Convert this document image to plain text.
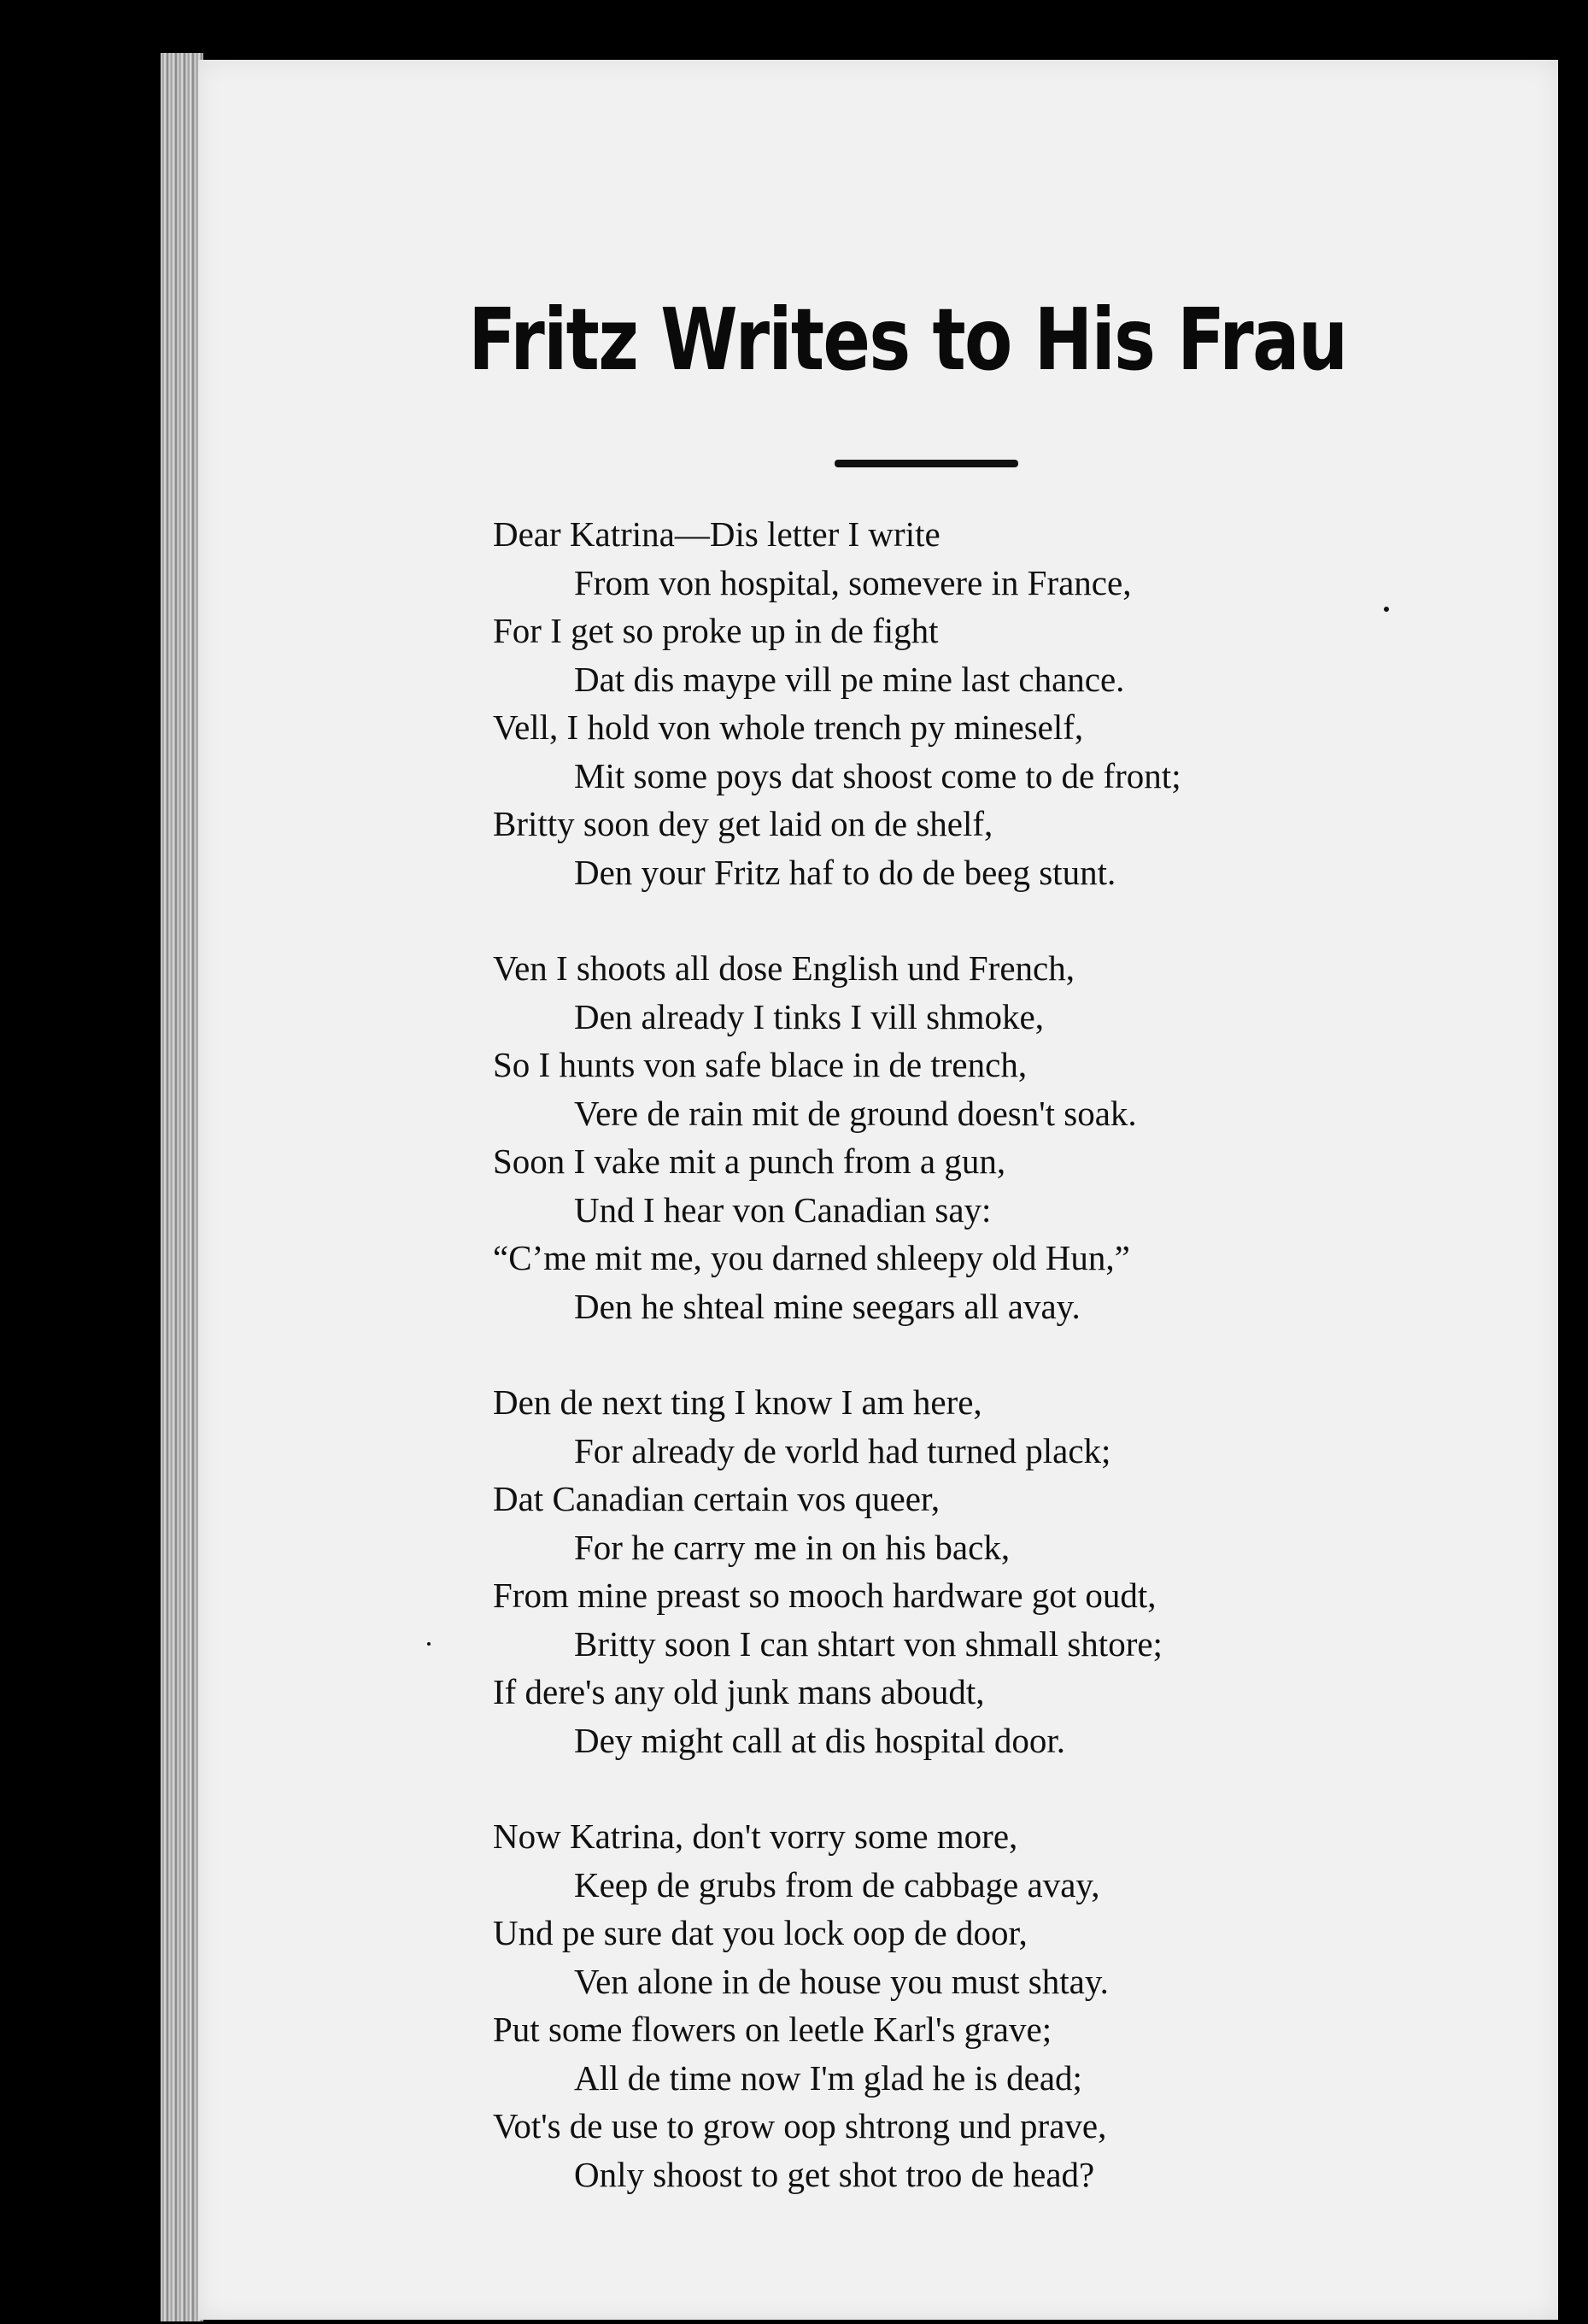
Fritz Writes to His Frau
Dear Katrina—Dis letter I write
From von hospital, somevere in France,
For I get so proke up in de fight
Dat dis maype vill pe mine last chance.
Vell, I hold von whole trench py mineself,
Mit some poys dat shoost come to de front;
Britty soon dey get laid on de shelf,
Den your Fritz haf to do de beeg stunt.
Ven I shoots all dose English und French,
Den already I tinks I vill shmoke,
So I hunts von safe blace in de trench,
Vere de rain mit de ground doesn't soak.
Soon I vake mit a punch from a gun,
Und I hear von Canadian say:
“C’me mit me, you darned shleepy old Hun,”
Den he shteal mine seegars all avay.
Den de next ting I know I am here,
For already de vorld had turned plack;
Dat Canadian certain vos queer,
For he carry me in on his back,
From mine preast so mooch hardware got oudt,
Britty soon I can shtart von shmall shtore;
If dere's any old junk mans aboudt,
Dey might call at dis hospital door.
Now Katrina, don't vorry some more,
Keep de grubs from de cabbage avay,
Und pe sure dat you lock oop de door,
Ven alone in de house you must shtay.
Put some flowers on leetle Karl's grave;
All de time now I'm glad he is dead;
Vot's de use to grow oop shtrong und prave,
Only shoost to get shot troo de head?
